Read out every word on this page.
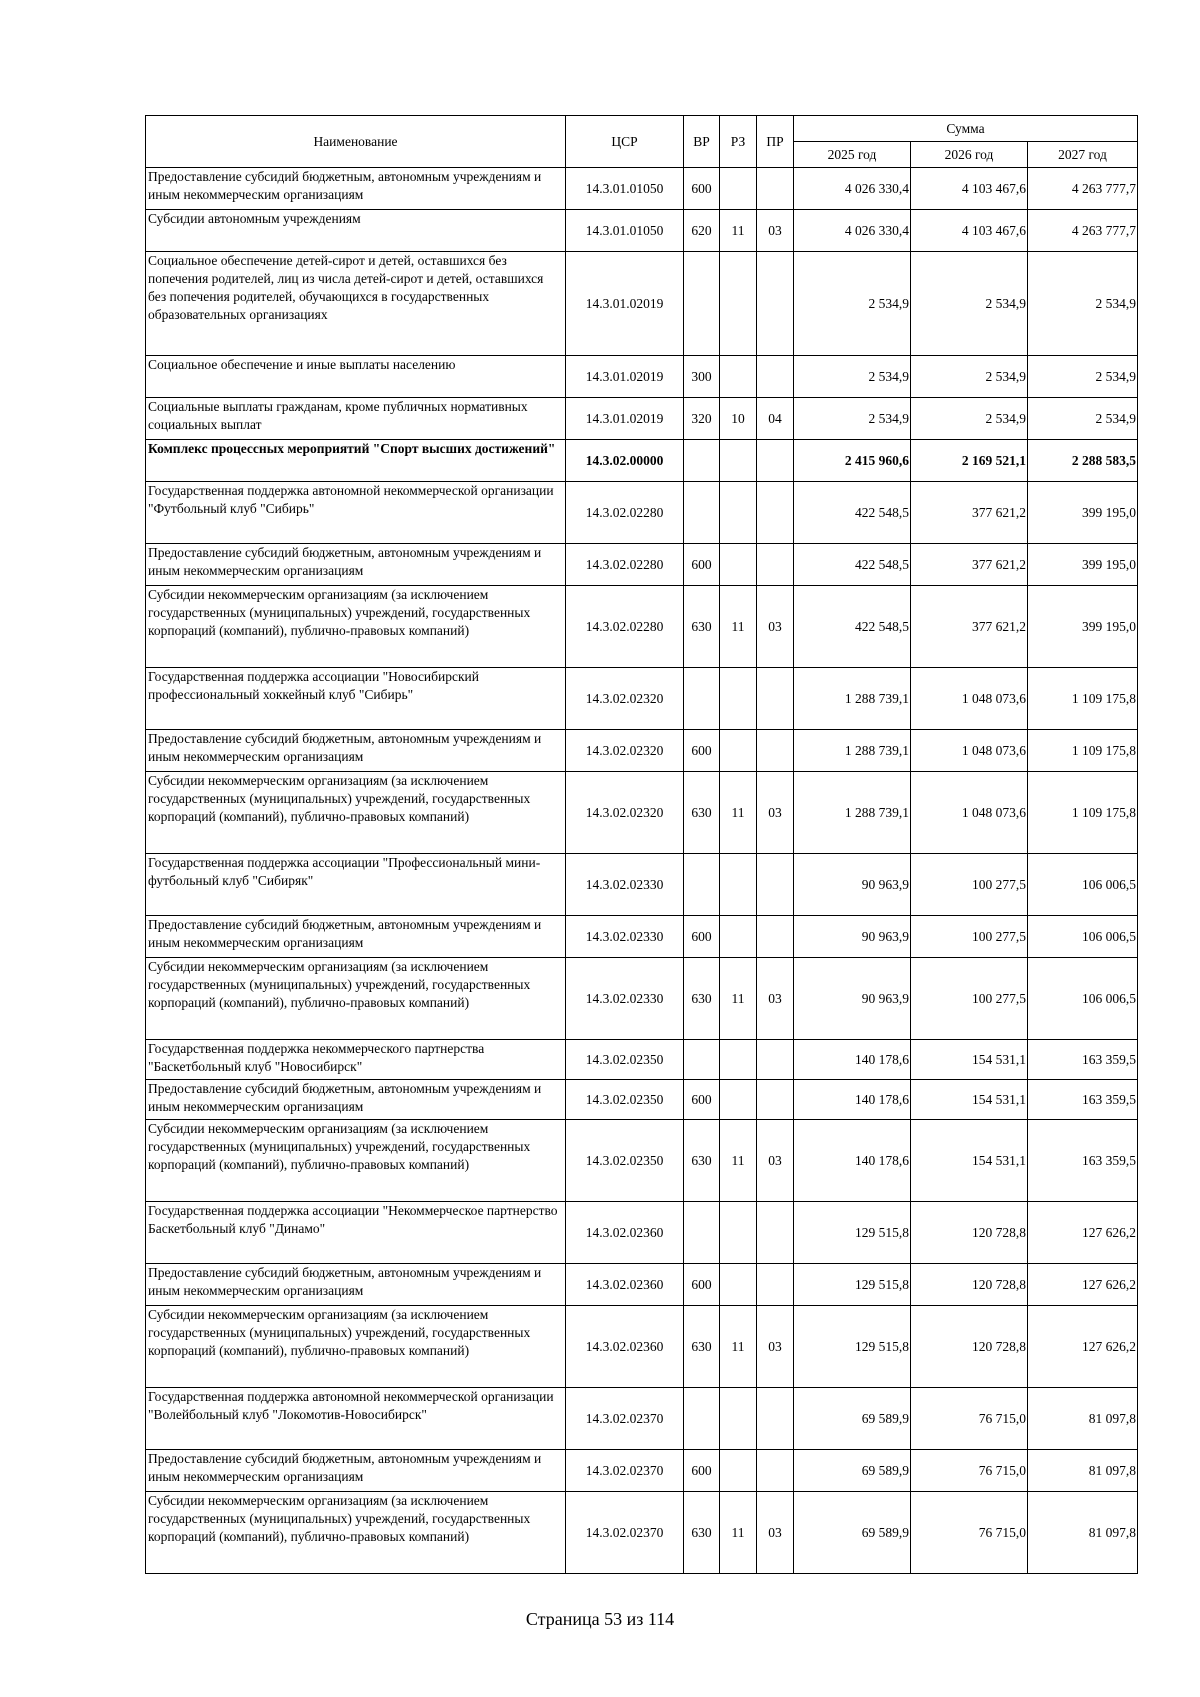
Наименование	ЦСР	ВР	РЗ	ПР	Сумма		
					2025 год	2026 год	2027 год
Предоставление субсидий бюджетным, автономным учреждениям и иным некоммерческим организациям	14.3.01.01050	600			4 026 330,4	4 103 467,6	4 263 777,7
Субсидии автономным учреждениям	14.3.01.01050	620	11	03	4 026 330,4	4 103 467,6	4 263 777,7
Социальное обеспечение детей-сирот и детей, оставшихся без попечения родителей, лиц из числа детей-сирот и детей, оставшихся без попечения родителей, обучающихся в государственных образовательных организациях	14.3.01.02019				2 534,9	2 534,9	2 534,9
Социальное обеспечение и иные выплаты населению	14.3.01.02019	300			2 534,9	2 534,9	2 534,9
Социальные выплаты гражданам, кроме публичных нормативных социальных выплат	14.3.01.02019	320	10	04	2 534,9	2 534,9	2 534,9
Комплекс процессных мероприятий "Спорт высших достижений"	14.3.02.00000				2 415 960,6	2 169 521,1	2 288 583,5
Государственная поддержка автономной некоммерческой организации "Футбольный клуб "Сибирь"	14.3.02.02280				422 548,5	377 621,2	399 195,0
Предоставление субсидий бюджетным, автономным учреждениям и иным некоммерческим организациям	14.3.02.02280	600			422 548,5	377 621,2	399 195,0
Субсидии некоммерческим организациям (за исключением государственных (муниципальных) учреждений, государственных корпораций (компаний), публично-правовых компаний)	14.3.02.02280	630	11	03	422 548,5	377 621,2	399 195,0
Государственная поддержка ассоциации "Новосибирский профессиональный хоккейный клуб "Сибирь"	14.3.02.02320				1 288 739,1	1 048 073,6	1 109 175,8
Предоставление субсидий бюджетным, автономным учреждениям и иным некоммерческим организациям	14.3.02.02320	600			1 288 739,1	1 048 073,6	1 109 175,8
Субсидии некоммерческим организациям (за исключением государственных (муниципальных) учреждений, государственных корпораций (компаний), публично-правовых компаний)	14.3.02.02320	630	11	03	1 288 739,1	1 048 073,6	1 109 175,8
Государственная поддержка ассоциации "Профессиональный мини-футбольный клуб "Сибиряк"	14.3.02.02330				90 963,9	100 277,5	106 006,5
Предоставление субсидий бюджетным, автономным учреждениям и иным некоммерческим организациям	14.3.02.02330	600			90 963,9	100 277,5	106 006,5
Субсидии некоммерческим организациям (за исключением государственных (муниципальных) учреждений, государственных корпораций (компаний), публично-правовых компаний)	14.3.02.02330	630	11	03	90 963,9	100 277,5	106 006,5
Государственная поддержка некоммерческого партнерства "Баскетбольный клуб "Новосибирск"	14.3.02.02350				140 178,6	154 531,1	163 359,5
Предоставление субсидий бюджетным, автономным учреждениям и иным некоммерческим организациям	14.3.02.02350	600			140 178,6	154 531,1	163 359,5
Субсидии некоммерческим организациям (за исключением государственных (муниципальных) учреждений, государственных корпораций (компаний), публично-правовых компаний)	14.3.02.02350	630	11	03	140 178,6	154 531,1	163 359,5
Государственная поддержка ассоциации "Некоммерческое партнерство Баскетбольный клуб "Динамо"	14.3.02.02360				129 515,8	120 728,8	127 626,2
Предоставление субсидий бюджетным, автономным учреждениям и иным некоммерческим организациям	14.3.02.02360	600			129 515,8	120 728,8	127 626,2
Субсидии некоммерческим организациям (за исключением государственных (муниципальных) учреждений, государственных корпораций (компаний), публично-правовых компаний)	14.3.02.02360	630	11	03	129 515,8	120 728,8	127 626,2
Государственная поддержка автономной некоммерческой организации "Волейбольный клуб "Локомотив-Новосибирск"	14.3.02.02370				69 589,9	76 715,0	81 097,8
Предоставление субсидий бюджетным, автономным учреждениям и иным некоммерческим организациям	14.3.02.02370	600			69 589,9	76 715,0	81 097,8
Субсидии некоммерческим организациям (за исключением государственных (муниципальных) учреждений, государственных корпораций (компаний), публично-правовых компаний)	14.3.02.02370	630	11	03	69 589,9	76 715,0	81 097,8
Страница 53 из 114
